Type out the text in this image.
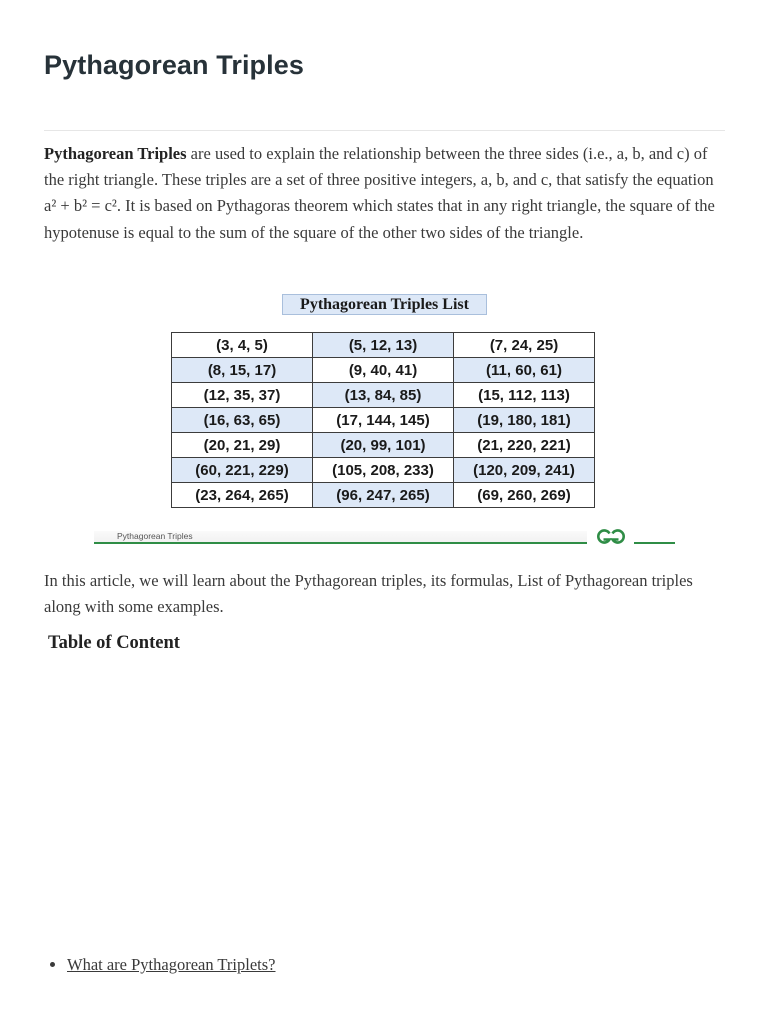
Pythagorean Triples

Pythagorean Triples are used to explain the relationship between the three sides (i.e., a, b, and c) of the right triangle. These triples are a set of three positive integers, a, b, and c, that satisfy the equation a² + b² = c². It is based on Pythagoras theorem which states that in any right triangle, the square of the hypotenuse is equal to the sum of the square of the other two sides of the triangle.

Pythagorean Triples List
(3, 4, 5)	(5, 12, 13)	(7, 24, 25)
(8, 15, 17)	(9, 40, 41)	(11, 60, 61)
(12, 35, 37)	(13, 84, 85)	(15, 112, 113)
(16, 63, 65)	(17, 144, 145)	(19, 180, 181)
(20, 21, 29)	(20, 99, 101)	(21, 220, 221)
(60, 221, 229)	(105, 208, 233)	(120, 209, 241)
(23, 264, 265)	(96, 247, 265)	(69, 260, 269)
Pythagorean Triples

In this article, we will learn about the Pythagorean triples, its formulas, List of Pythagorean triples along with some examples.

Table of Content
• What are Pythagorean Triplets?
